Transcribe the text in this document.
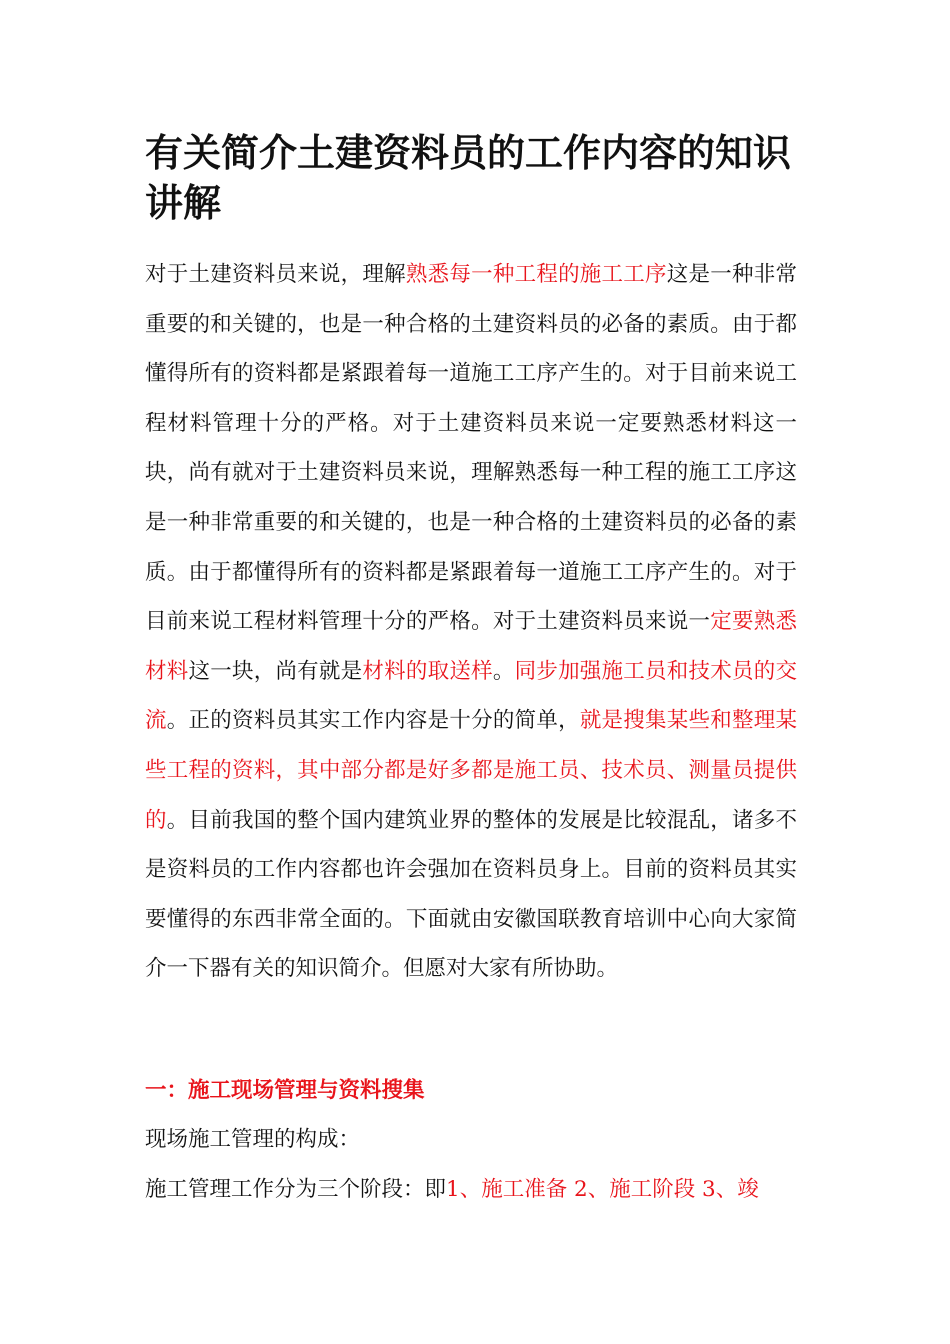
有关简介土建资料员的工作内容的知识讲解

对于土建资料员来说，理解熟悉每一种工程的施工工序这是一种非常重要的和关键的，也是一种合格的土建资料员的必备的素质。由于都懂得所有的资料都是紧跟着每一道施工工序产生的。对于目前来说工程材料管理十分的严格。对于土建资料员来说一定要熟悉材料这一块，尚有就对于土建资料员来说，理解熟悉每一种工程的施工工序这是一种非常重要的和关键的，也是一种合格的土建资料员的必备的素质。由于都懂得所有的资料都是紧跟着每一道施工工序产生的。对于目前来说工程材料管理十分的严格。对于土建资料员来说一定要熟悉材料这一块，尚有就是材料的取送样。同步加强施工员和技术员的交流。正的资料员其实工作内容是十分的简单，就是搜集某些和整理某些工程的资料，其中部分都是好多都是施工员、技术员、测量员提供的。目前我国的整个国内建筑业界的整体的发展是比较混乱，诸多不是资料员的工作内容都也许会强加在资料员身上。目前的资料员其实要懂得的东西非常全面的。下面就由安徽国联教育培训中心向大家简介一下器有关的知识简介。但愿对大家有所协助。

一：施工现场管理与资料搜集

现场施工管理的构成：

施工管理工作分为三个阶段：即1、施工准备 2、施工阶段 3、竣
